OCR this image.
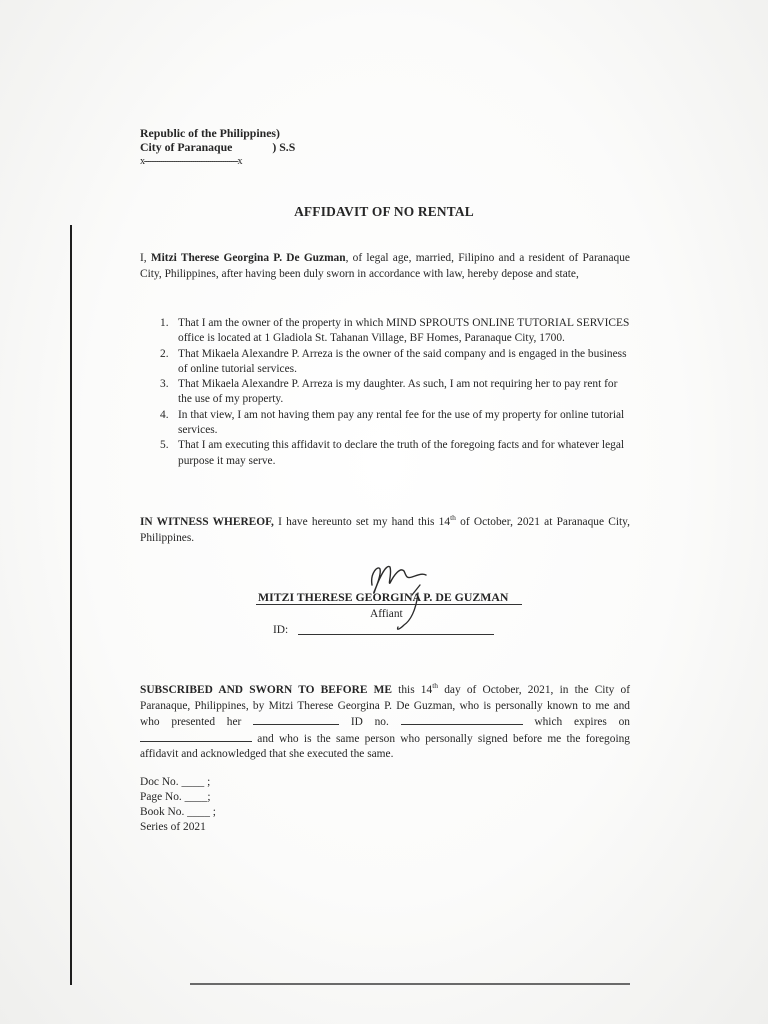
Republic of the Philippines)
City of Paranaque	) S.S
x--------------------------------------------x
AFFIDAVIT OF NO RENTAL
I, Mitzi Therese Georgina P. De Guzman, of legal age, married, Filipino and a resident of Paranaque City, Philippines, after having been duly sworn in accordance with law, hereby depose and state,
1. That I am the owner of the property in which MIND SPROUTS ONLINE TUTORIAL SERVICES office is located at 1 Gladiola St. Tahanan Village, BF Homes, Paranaque City, 1700.
2. That Mikaela Alexandre P. Arreza is the owner of the said company and is engaged in the business of online tutorial services.
3. That Mikaela Alexandre P. Arreza is my daughter. As such, I am not requiring her to pay rent for the use of my property.
4. In that view, I am not having them pay any rental fee for the use of my property for online tutorial services.
5. That I am executing this affidavit to declare the truth of the foregoing facts and for whatever legal purpose it may serve.
IN WITNESS WHEREOF, I have hereunto set my hand this 14th of October, 2021 at Paranaque City, Philippines.
MITZI THERESE GEORGINA P. DE GUZMAN
Affiant
ID:
SUBSCRIBED AND SWORN TO BEFORE ME this 14th day of October, 2021, in the City of Paranaque, Philippines, by Mitzi Therese Georgina P. De Guzman, who is personally known to me and who presented her	ID no.	which expires on  and who is the same person who personally signed before me the foregoing affidavit and acknowledged that she executed the same.
Doc No. ____ ;
Page No. ____;
Book No. ____ ;
Series of 2021
